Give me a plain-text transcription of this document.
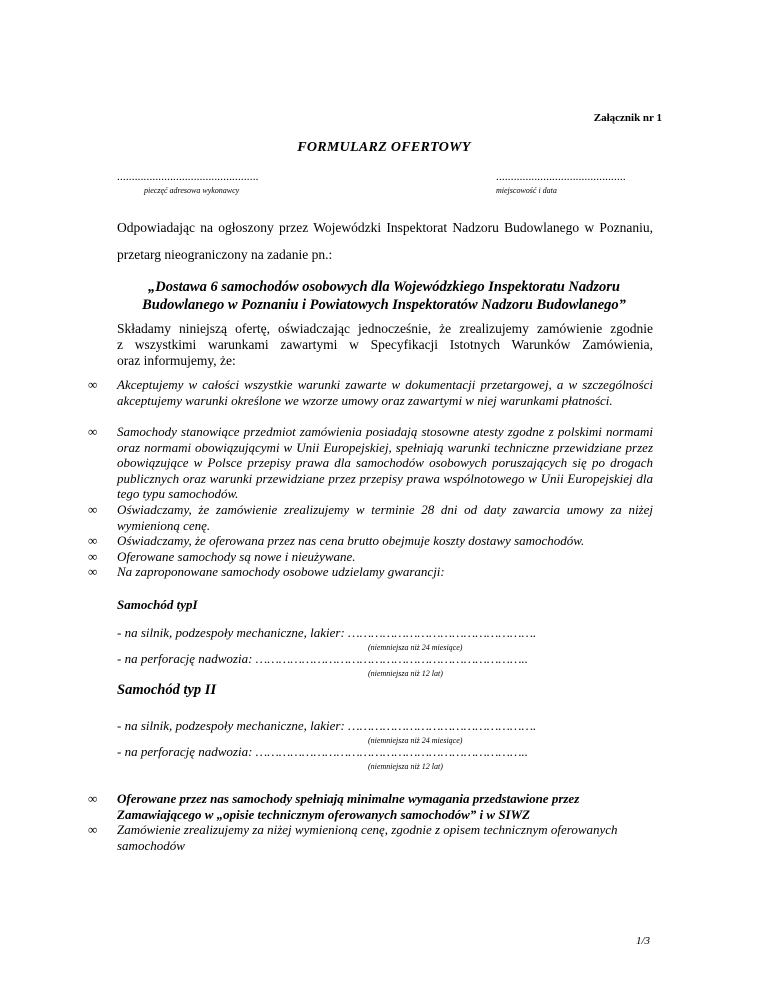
Załącznik nr 1
FORMULARZ OFERTOWY
................................................
pieczęć adresowa wykonawcy
............................................
miejscowość i data
Odpowiadając na ogłoszony przez Wojewódzki Inspektorat Nadzoru Budowlanego w Poznaniu,
przetarg nieograniczony na zadanie pn.:
„Dostawa 6 samochodów osobowych dla Wojewódzkiego Inspektoratu Nadzoru
Budowlanego w Poznaniu i Powiatowych Inspektoratów Nadzoru Budowlanego”
Składamy niniejszą ofertę, oświadczając jednocześnie, że zrealizujemy zamówienie zgodnie
z wszystkimi warunkami zawartymi w Specyfikacji Istotnych Warunków Zamówienia,
oraz informujemy, że:
∞ Akceptujemy w całości wszystkie warunki zawarte w dokumentacji przetargowej, a w szczególności akceptujemy warunki określone we wzorze umowy oraz zawartymi w niej warunkami płatności.
∞ Samochody stanowiące przedmiot zamówienia posiadają stosowne atesty zgodne z polskimi normami oraz normami obowiązującymi w Unii Europejskiej, spełniają warunki techniczne przewidziane przez obowiązujące w Polsce przepisy prawa dla samochodów osobowych poruszających się po drogach publicznych oraz warunki przewidziane przez przepisy prawa wspólnotowego w Unii Europejskiej dla tego typu samochodów.
∞ Oświadczamy, że zamówienie zrealizujemy w terminie 28 dni od daty zawarcia umowy za niżej wymienioną cenę.
∞ Oświadczamy, że oferowana przez nas cena brutto obejmuje koszty dostawy samochodów.
∞ Oferowane samochody są nowe i nieużywane.
∞ Na zaproponowane samochody osobowe udzielamy gwarancji:
Samochód typI
- na silnik, podzespoły mechaniczne, lakier: ………………………………………….
(niemniejsza niż 24 miesiące)
- na perforację nadwozia: ……………………………………………………………..
(niemniejsza niż 12 lat)
Samochód typ II
- na silnik, podzespoły mechaniczne, lakier: ………………………………………….
(niemniejsza niż 24 miesiące)
- na perforację nadwozia: ……………………………………………………………..
(niemniejsza niż 12 lat)
∞ Oferowane przez nas samochody spełniają minimalne wymagania przedstawione przez Zamawiającego w „opisie technicznym oferowanych samochodów” i w SIWZ
∞ Zamówienie zrealizujemy za niżej wymienioną cenę, zgodnie z opisem technicznym oferowanych samochodów
1/3
